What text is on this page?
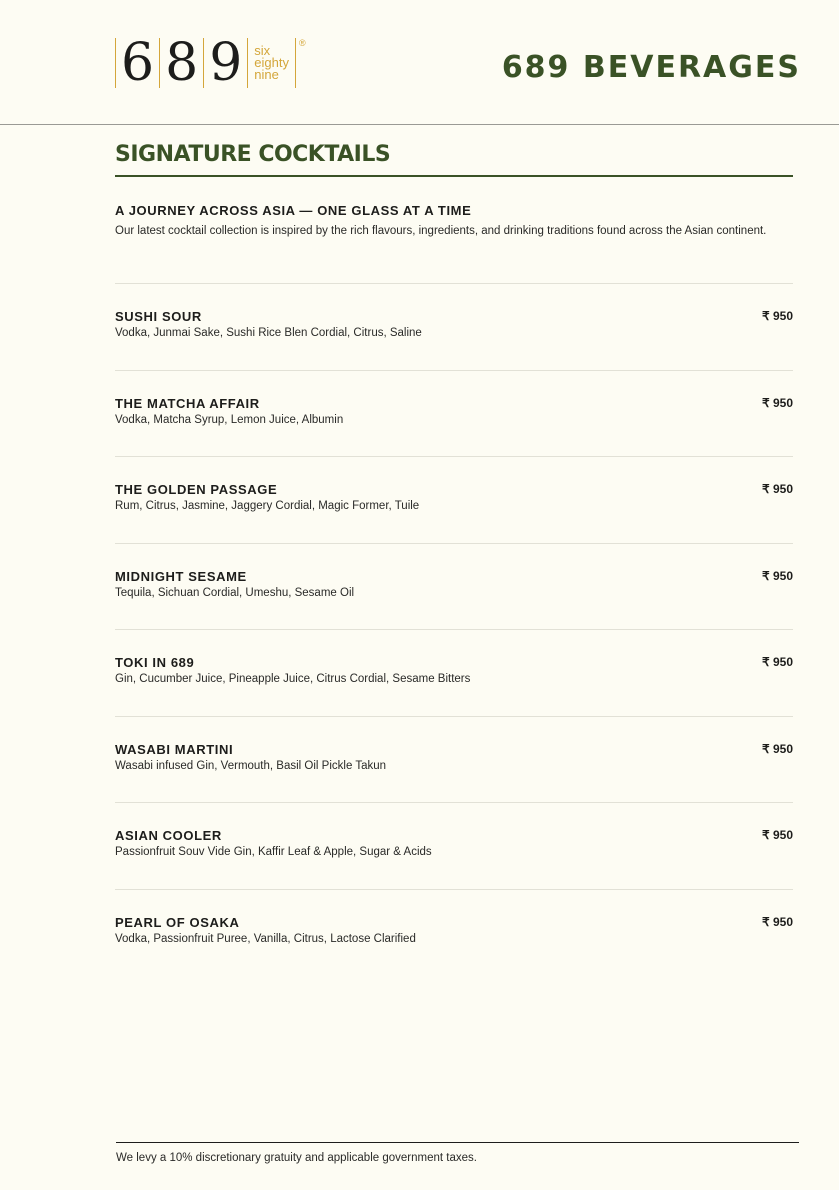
6 8 9 six
eighty
nine
®
689 BEVERAGES
SIGNATURE COCKTAILS
A JOURNEY ACROSS ASIA — ONE GLASS AT A TIME
Our latest cocktail collection is inspired by the rich flavours, ingredients, and drinking traditions found across the Asian continent.
SUSHI SOUR
Vodka, Junmai Sake, Sushi Rice Blen Cordial, Citrus, Saline
₹ 950
THE MATCHA AFFAIR
Vodka, Matcha Syrup, Lemon Juice, Albumin
₹ 950
THE GOLDEN PASSAGE
Rum, Citrus, Jasmine, Jaggery Cordial, Magic Former, Tuile
₹ 950
MIDNIGHT SESAME
Tequila, Sichuan Cordial, Umeshu, Sesame Oil
₹ 950
TOKI IN 689
Gin, Cucumber Juice, Pineapple Juice, Citrus Cordial, Sesame Bitters
₹ 950
WASABI MARTINI
Wasabi infused Gin, Vermouth, Basil Oil Pickle Takun
₹ 950
ASIAN COOLER
Passionfruit Souv Vide Gin, Kaffir Leaf & Apple, Sugar & Acids
₹ 950
PEARL OF OSAKA
Vodka, Passionfruit Puree, Vanilla, Citrus, Lactose Clarified
₹ 950
We levy a 10% discretionary gratuity and applicable government taxes.
